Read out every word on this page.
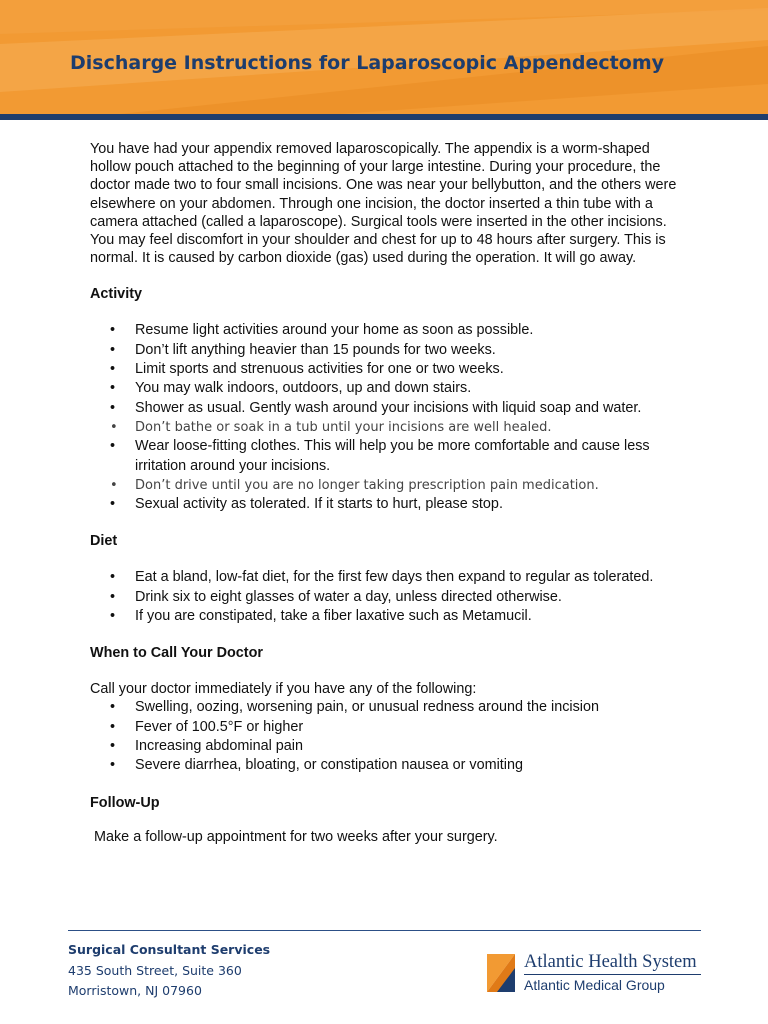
Discharge Instructions for Laparoscopic Appendectomy

You have had your appendix removed laparoscopically. The appendix is a worm-shaped hollow pouch attached to the beginning of your large intestine. During your procedure, the doctor made two to four small incisions. One was near your bellybutton, and the others were elsewhere on your abdomen. Through one incision, the doctor inserted a thin tube with a camera attached (called a laparoscope). Surgical tools were inserted in the other incisions. You may feel discomfort in your shoulder and chest for up to 48 hours after surgery. This is normal. It is caused by carbon dioxide (gas) used during the operation. It will go away.

Activity
• Resume light activities around your home as soon as possible.
• Don’t lift anything heavier than 15 pounds for two weeks.
• Limit sports and strenuous activities for one or two weeks.
• You may walk indoors, outdoors, up and down stairs.
• Shower as usual. Gently wash around your incisions with liquid soap and water.
• Don’t bathe or soak in a tub until your incisions are well healed.
• Wear loose-fitting clothes. This will help you be more comfortable and cause less irritation around your incisions.
• Don’t drive until you are no longer taking prescription pain medication.
• Sexual activity as tolerated. If it starts to hurt, please stop.
Diet
• Eat a bland, low-fat diet, for the first few days then expand to regular as tolerated.
• Drink six to eight glasses of water a day, unless directed otherwise.
• If you are constipated, take a fiber laxative such as Metamucil.
When to Call Your Doctor

Call your doctor immediately if you have any of the following:

• Swelling, oozing, worsening pain, or unusual redness around the incision
• Fever of 100.5°F or higher
• Increasing abdominal pain
• Severe diarrhea, bloating, or constipation nausea or vomiting
Follow-Up

Make a follow-up appointment for two weeks after your surgery.

Surgical Consultant Services
435 South Street, Suite 360
Morristown, NJ 07960
Atlantic Health System
Atlantic Medical Group
